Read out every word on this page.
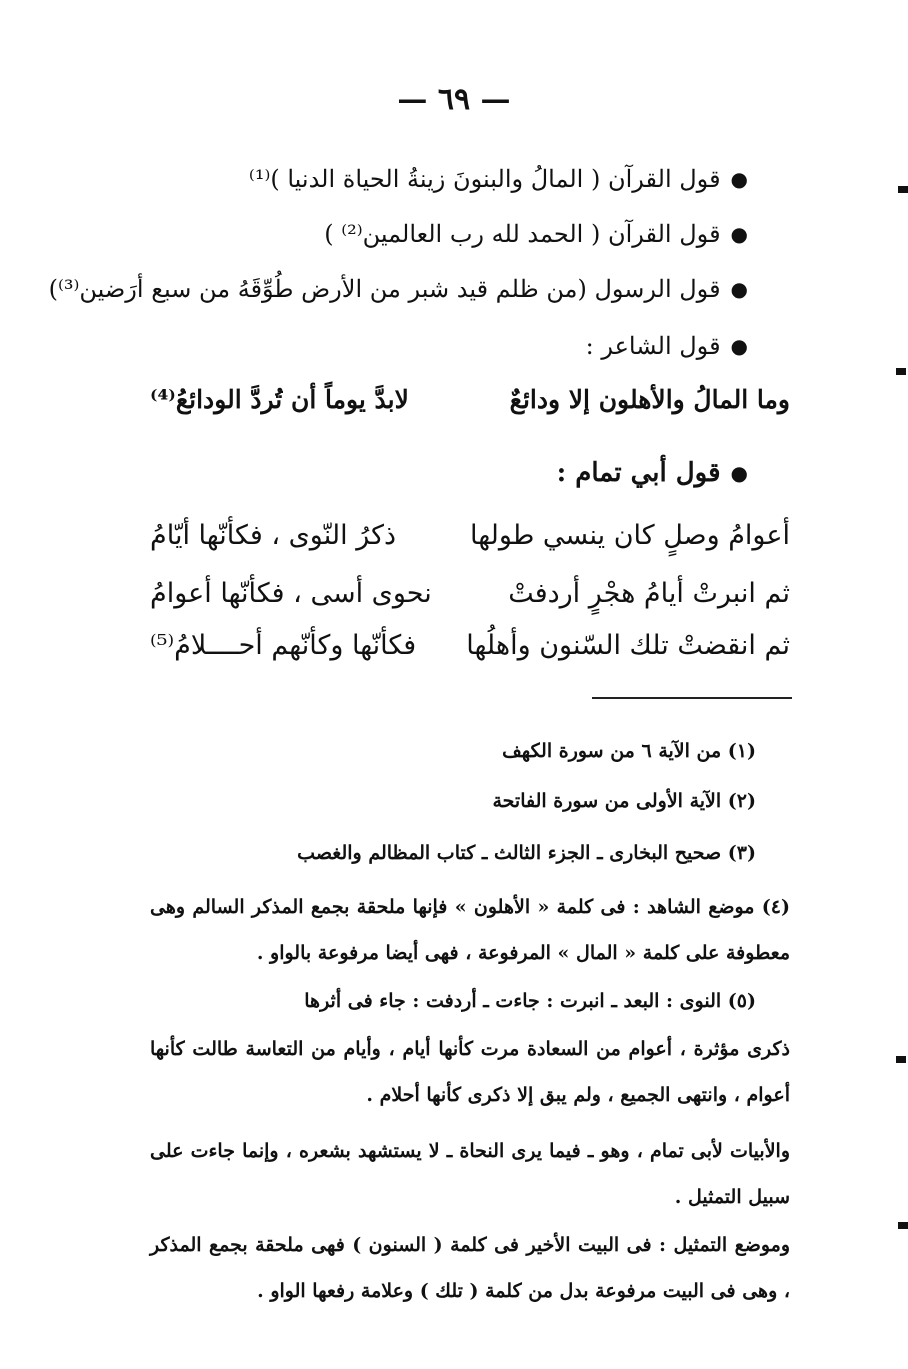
— ٦٩ —
●
قول القرآن ( المالُ والبنونَ زينةُ الحياة الدنيا )⁽¹⁾
●
قول القرآن ( الحمد لله رب العالمين⁽²⁾ )
●
قول الرسول (من ظلم قيد شبر من الأرض طُوِّقَهُ من سبع أرَضين⁽³⁾)
●
قول الشاعر :
وما المالُ والأهلون إلا ودائعٌ
لابدَّ يوماً أن تُردَّ الودائعُ⁽⁴⁾
●
قول أبي تمام :
أعوامُ وصلٍ كان ينسي طولها
ذكرُ النّوى ، فكأنّها أيّامُ
ثم انبرتْ أيامُ هجْرٍ أردفتْ
نحوى أسى ، فكأنّها أعوامُ
ثم انقضتْ تلك السّنون وأهلُها
فكأنّها وكأنّهم أحــــلامُ⁽⁵⁾
(١) من الآية ٦ من سورة الكهف
(٢) الآية الأولى من سورة الفاتحة
(٣) صحيح البخارى ـ الجزء الثالث ـ كتاب المظالم والغصب
(٤) موضع الشاهد : فى كلمة « الأهلون » فإنها ملحقة بجمع المذكر السالم وهى معطوفة على كلمة « المال » المرفوعة ، فهى أيضا مرفوعة بالواو .
(٥) النوى : البعد ـ انبرت : جاءت ـ أردفت : جاء فى أثرها
ذكرى مؤثرة ، أعوام من السعادة مرت كأنها أيام ، وأيام من التعاسة طالت كأنها أعوام ، وانتهى الجميع ، ولم يبق إلا ذكرى كأنها أحلام .
والأبيات لأبى تمام ، وهو ـ فيما يرى النحاة ـ لا يستشهد بشعره ، وإنما جاءت على سبيل التمثيل .
وموضع التمثيل : فى البيت الأخير فى كلمة ( السنون ) فهى ملحقة بجمع المذكر ، وهى فى البيت مرفوعة بدل من كلمة ( تلك ) وعلامة رفعها الواو .
